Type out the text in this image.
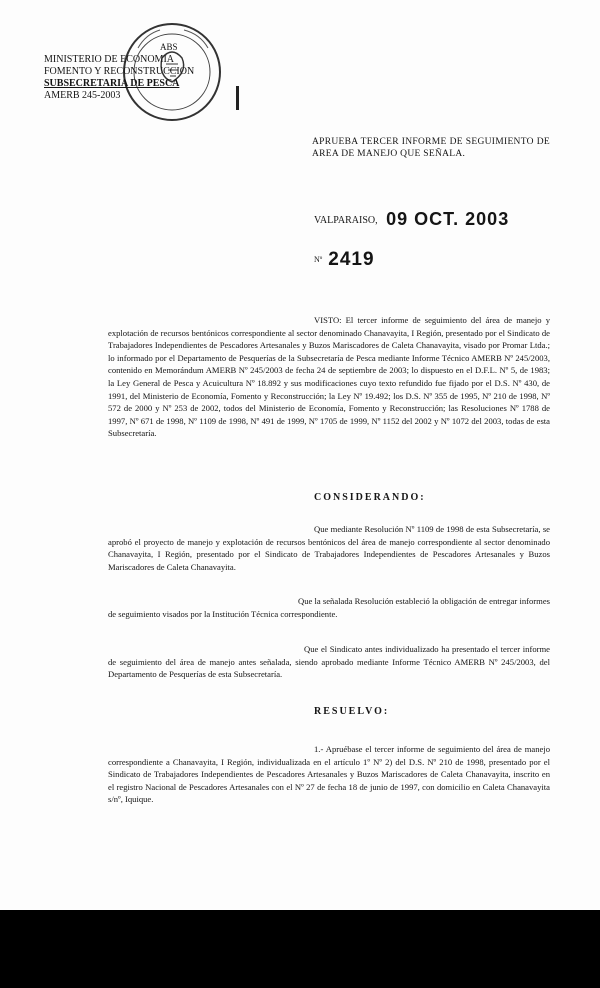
ABS
MINISTERIO DE ECONOMIA
FOMENTO Y RECONSTRUCCION
SUBSECRETARIA DE PESCA
AMERB 245-2003
APRUEBA TERCER INFORME DE SEGUIMIENTO DE AREA DE MANEJO QUE SEÑALA.
VALPARAISO, 09 OCT. 2003
Nº 2419

VISTO: El tercer informe de seguimiento del área de manejo y explotación de recursos bentónicos correspondiente al sector denominado Chanavayita, I Región, presentado por el Sindicato de Trabajadores Independientes de Pescadores Artesanales y Buzos Mariscadores de Caleta Chanavayita, visado por Promar Ltda.; lo informado por el Departamento de Pesquerías de la Subsecretaría de Pesca mediante Informe Técnico AMERB Nº 245/2003, contenido en Memorándum AMERB Nº 245/2003 de fecha 24 de septiembre de 2003; lo dispuesto en el D.F.L. Nº 5, de 1983; la Ley General de Pesca y Acuicultura Nº 18.892 y sus modificaciones cuyo texto refundido fue fijado por el D.S. Nº 430, de 1991, del Ministerio de Economía, Fomento y Reconstrucción; la Ley Nº 19.492; los D.S. Nº 355 de 1995, Nº 210 de 1998, Nº 572 de 2000 y Nº 253 de 2002, todos del Ministerio de Economía, Fomento y Reconstrucción; las Resoluciones Nº 1788 de 1997, Nº 671 de 1998, Nº 1109 de 1998, Nº 491 de 1999, Nº 1705 de 1999, Nº 1152 del 2002 y Nº 1072 del 2003, todas de esta Subsecretaría.

CONSIDERANDO:

Que mediante Resolución Nº 1109 de 1998 de esta Subsecretaría, se aprobó el proyecto de manejo y explotación de recursos bentónicos del área de manejo correspondiente al sector denominado Chanavayita, I Región, presentado por el Sindicato de Trabajadores Independientes de Pescadores Artesanales y Buzos Mariscadores de Caleta Chanavayita.

Que la señalada Resolución estableció la obligación de entregar informes de seguimiento visados por la Institución Técnica correspondiente.

Que el Sindicato antes individualizado ha presentado el tercer informe de seguimiento del área de manejo antes señalada, siendo aprobado mediante Informe Técnico AMERB Nº 245/2003, del Departamento de Pesquerías de esta Subsecretaría.

RESUELVO:

1.- Apruébase el tercer informe de seguimiento del área de manejo correspondiente a Chanavayita, I Región, individualizada en el artículo 1º Nº 2) del D.S. Nº 210 de 1998, presentado por el Sindicato de Trabajadores Independientes de Pescadores Artesanales y Buzos Mariscadores de Caleta Chanavayita, inscrito en el registro Nacional de Pescadores Artesanales con el Nº 27 de fecha 18 de junio de 1997, con domicilio en Caleta Chanavayita s/nº, Iquique.
